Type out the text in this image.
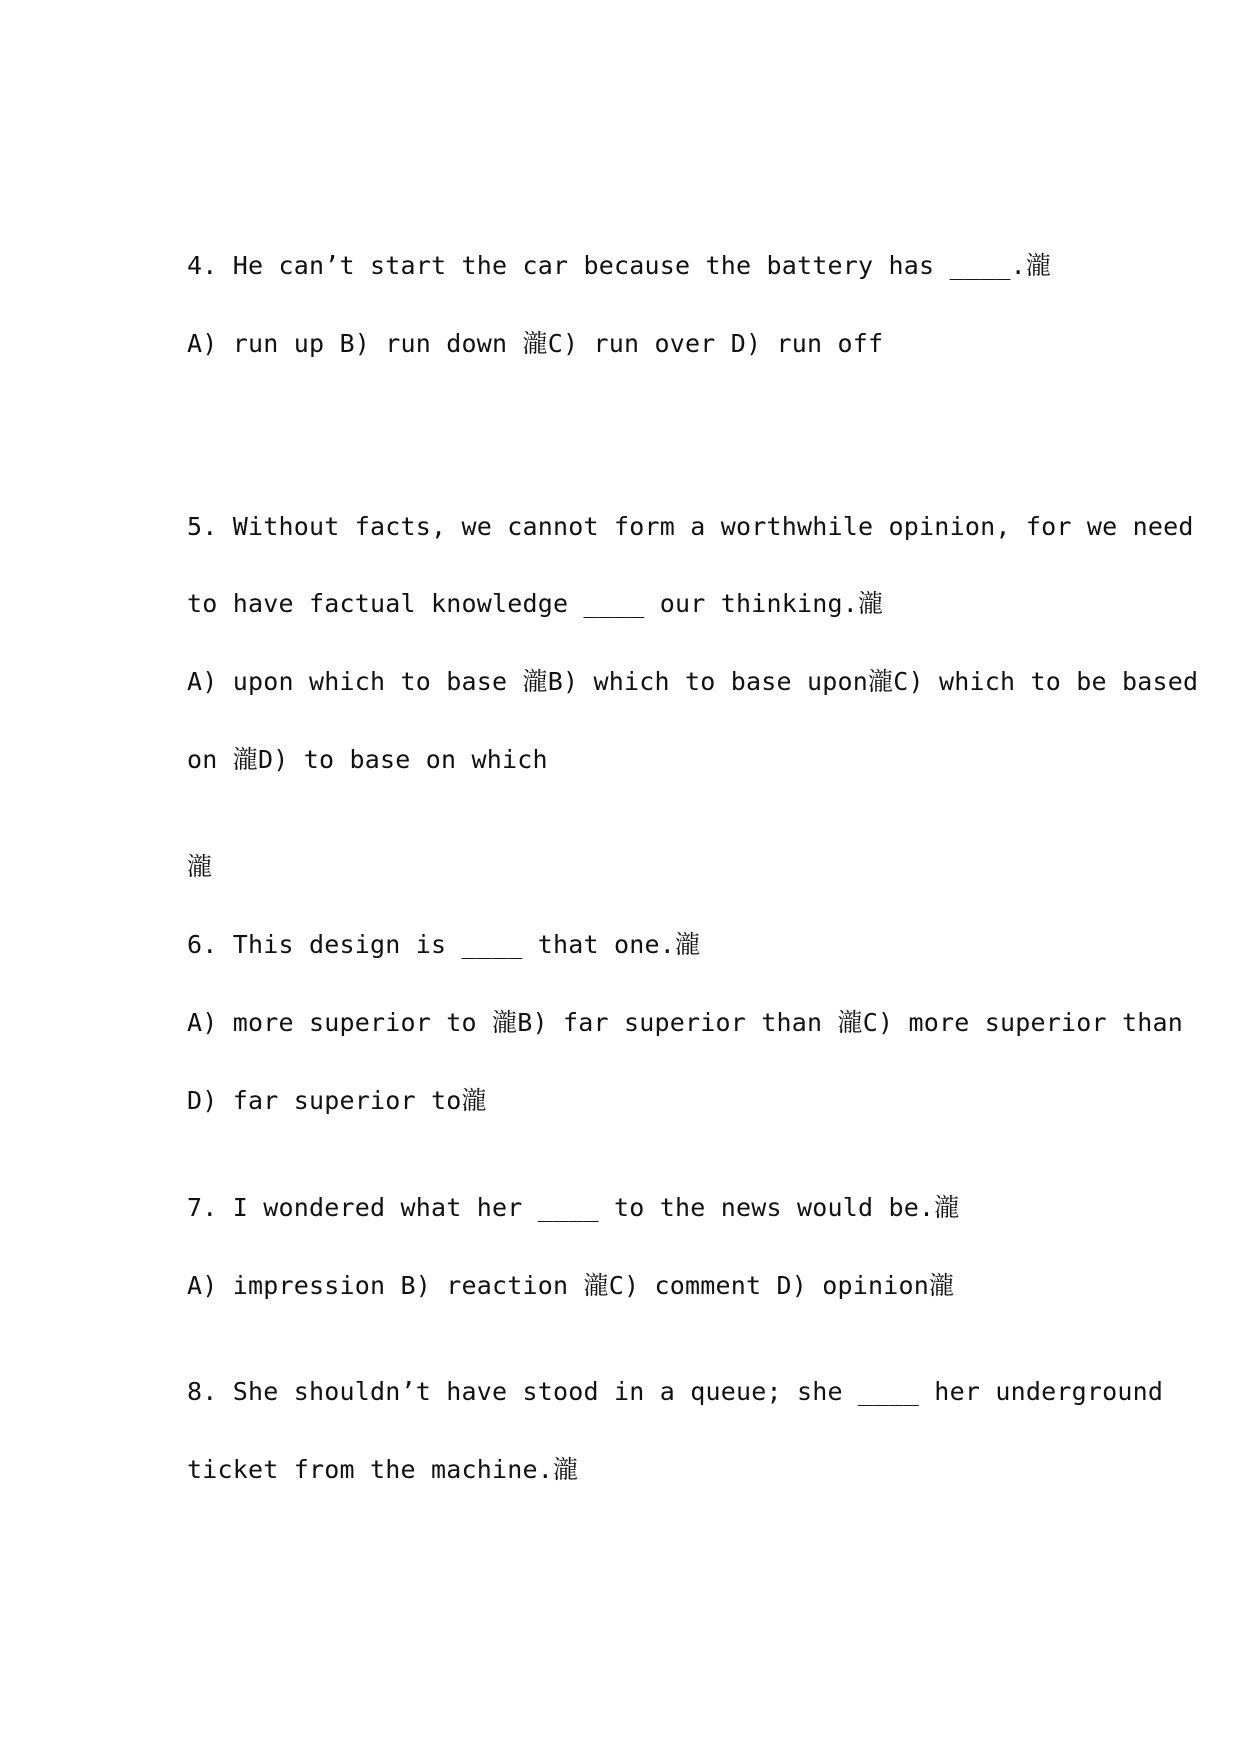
4. He can’t start the car because the battery has ____.瀧
A) run up B) run down 瀧C) run over D) run off
5. Without facts, we cannot form a worthwhile opinion, for we need
to have factual knowledge ____ our thinking.瀧
A) upon which to base 瀧B) which to base upon瀧C) which to be based
on 瀧D) to base on which
瀧
6. This design is ____ that one.瀧
A) more superior to 瀧B) far superior than 瀧C) more superior than
D) far superior to瀧
7. I wondered what her ____ to the news would be.瀧
A) impression B) reaction 瀧C) comment D) opinion瀧
8. She shouldn’t have stood in a queue; she ____ her underground
ticket from the machine.瀧
